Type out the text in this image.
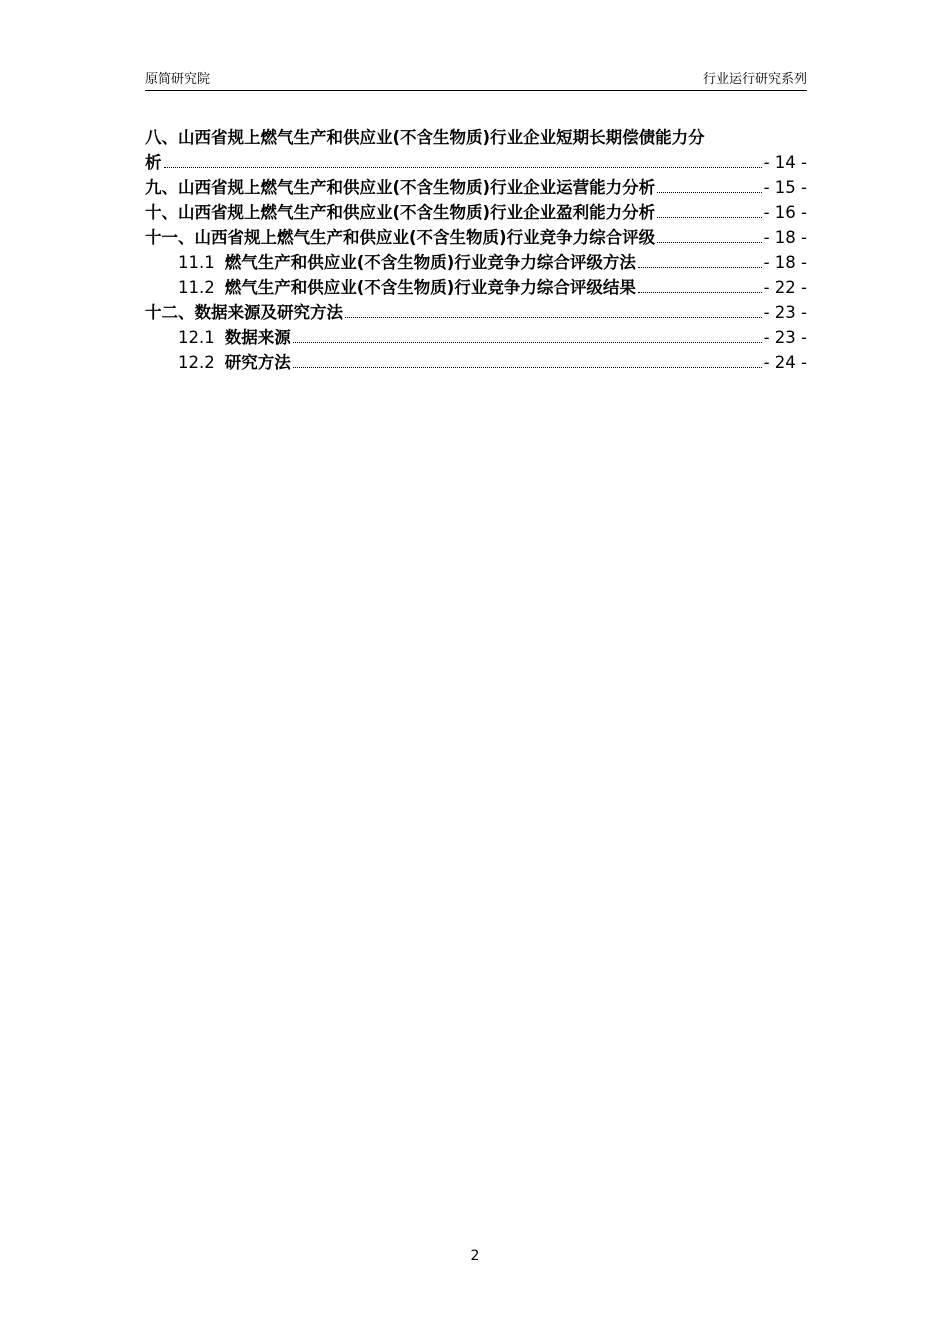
原简研究院	行业运行研究系列
八、山西省规上燃气生产和供应业(不含生物质)行业企业短期长期偿债能力分
析	- 14 -
九、山西省规上燃气生产和供应业(不含生物质)行业企业运营能力分析	- 15 -
十、山西省规上燃气生产和供应业(不含生物质)行业企业盈利能力分析	- 16 -
十一、山西省规上燃气生产和供应业(不含生物质)行业竞争力综合评级	- 18 -
11.1 燃气生产和供应业(不含生物质)行业竞争力综合评级方法	- 18 -
11.2 燃气生产和供应业(不含生物质)行业竞争力综合评级结果	- 22 -
十二、数据来源及研究方法	- 23 -
12.1 数据来源	- 23 -
12.2 研究方法	- 24 -
2
